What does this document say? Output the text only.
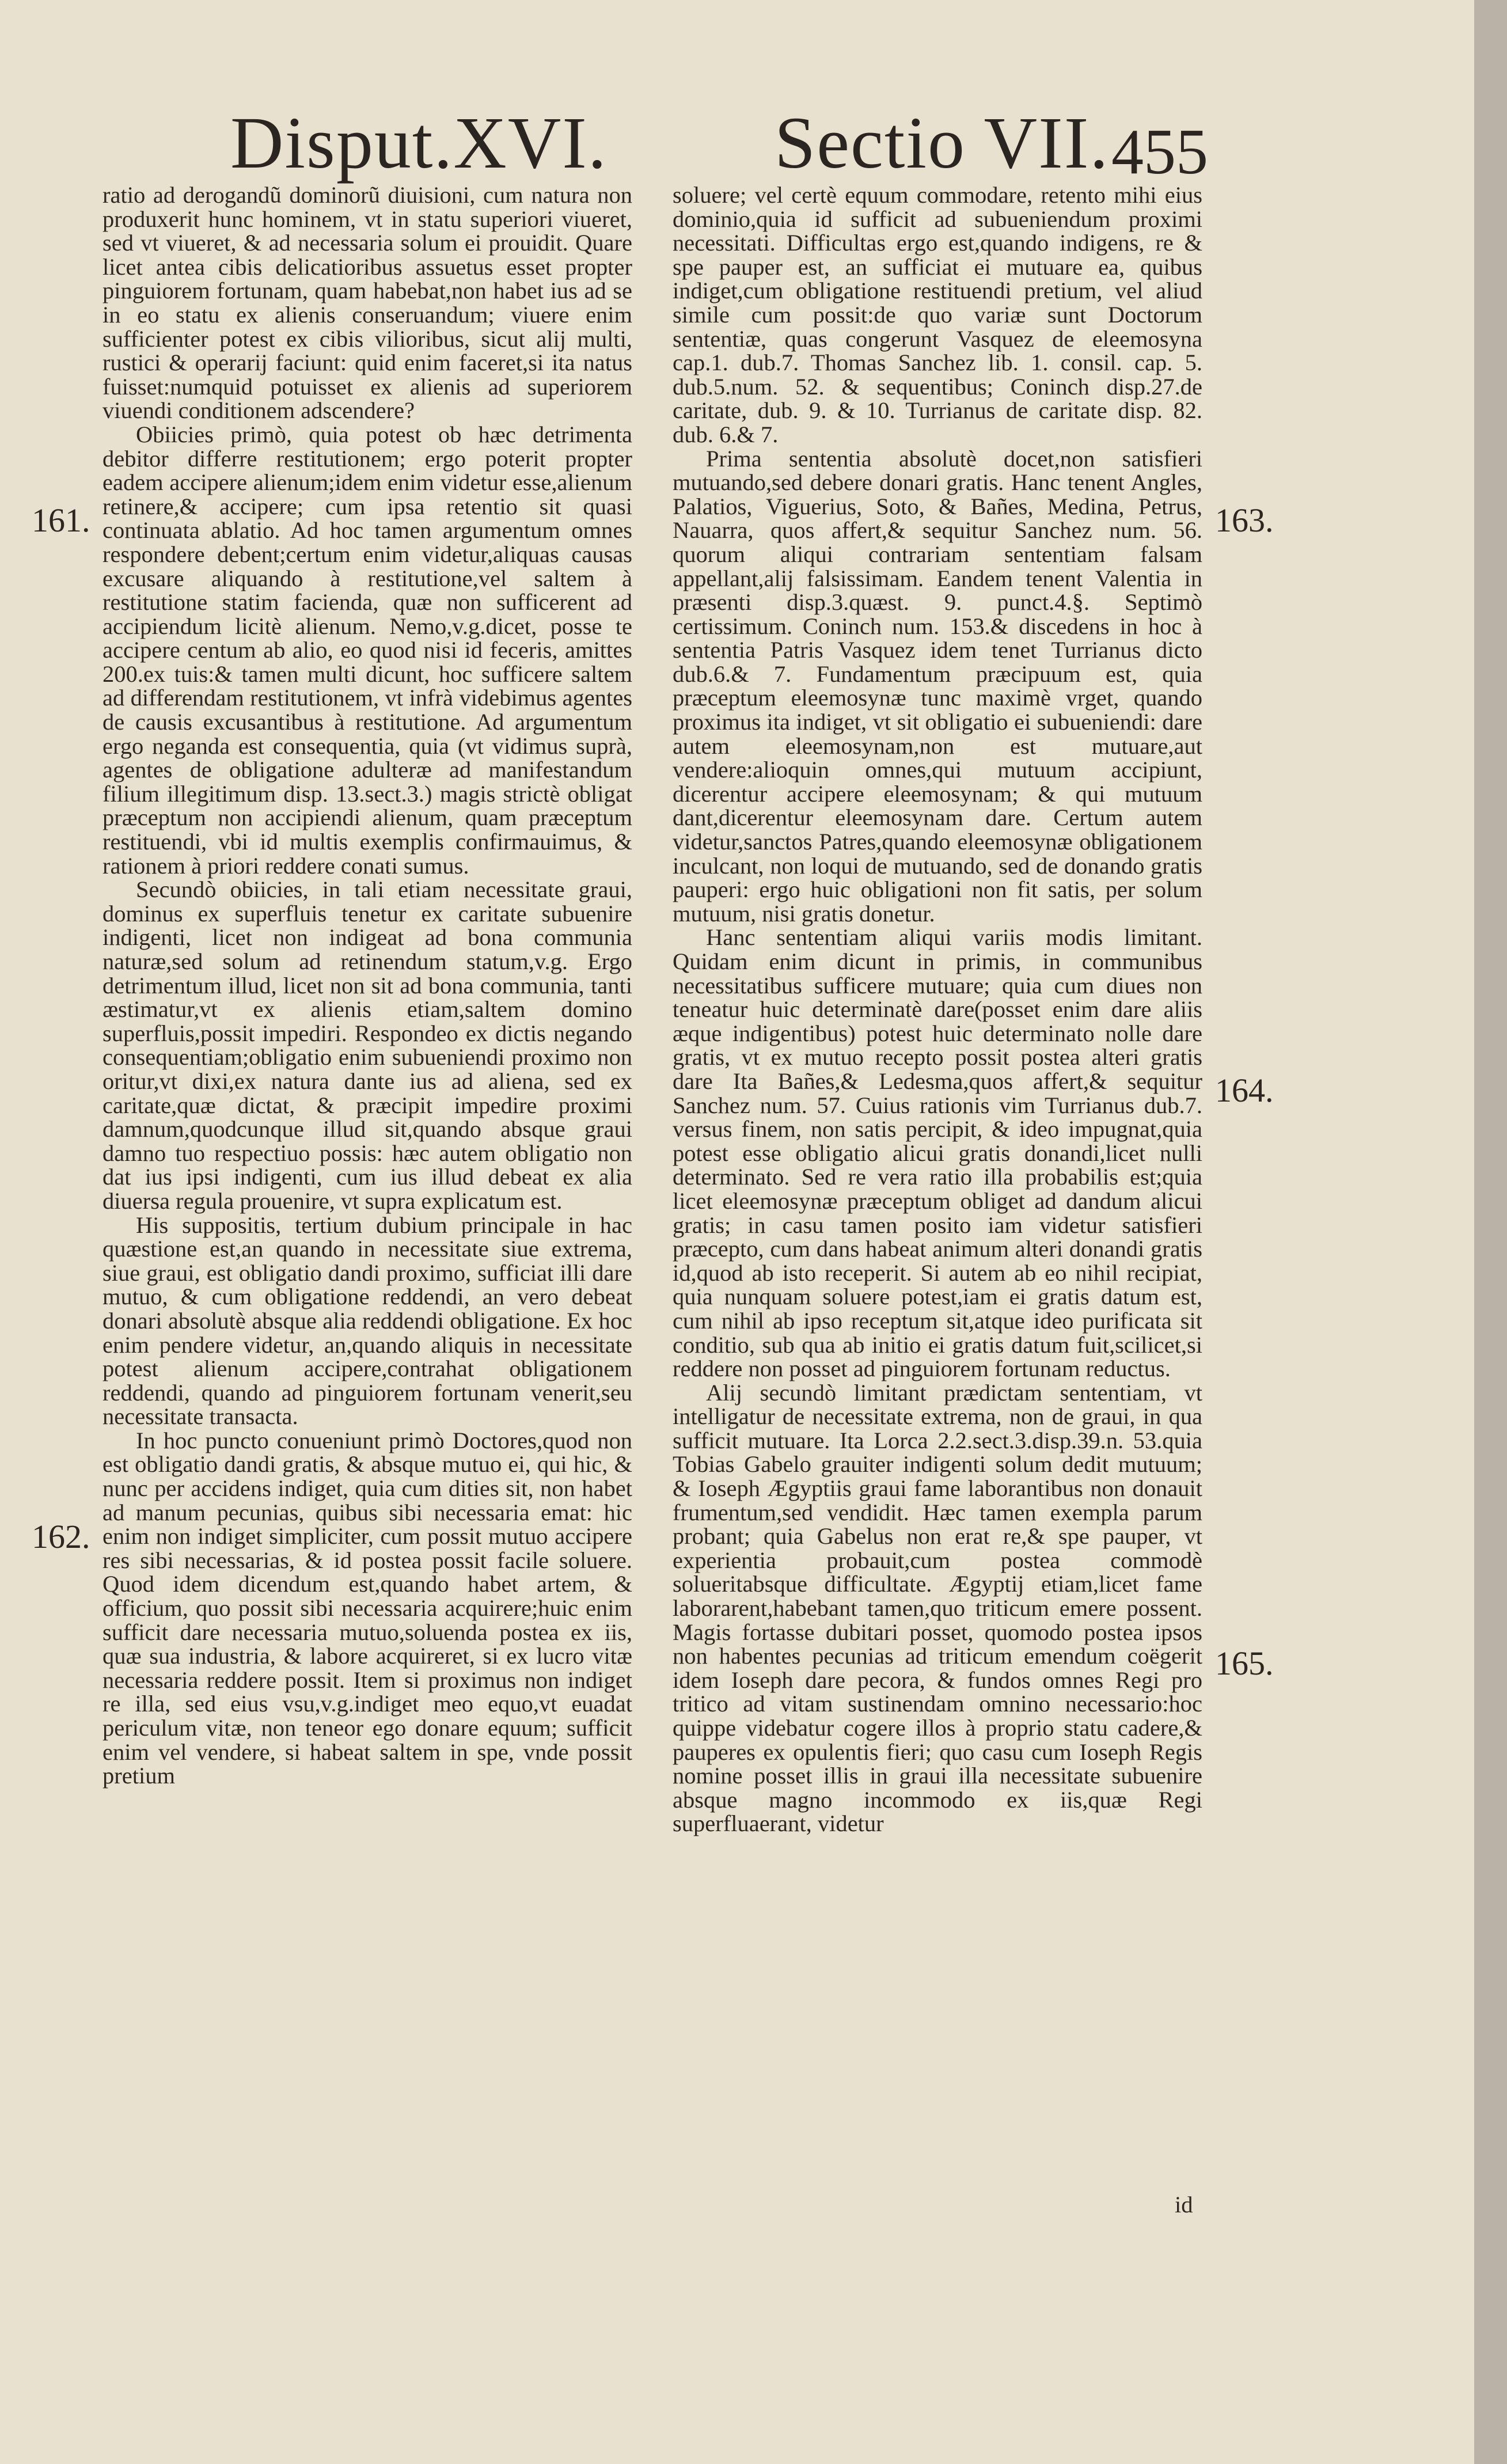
Disput.XVI. Sectio VII. 455
161.
162.
163.
164.
165.

ratio ad derogandũ dominorũ diuisioni, cum natura non produxerit hunc hominem, vt in statu superiori viueret, sed vt viueret, & ad necessaria solum ei prouidit. Quare licet antea cibis delicatioribus assuetus esset propter pinguiorem fortunam, quam habebat,non habet ius ad se in eo statu ex alienis conseruandum; viuere enim sufficienter potest ex cibis vilioribus, sicut alij multi, rustici & operarij faciunt: quid enim faceret,si ita natus fuisset:numquid potuisset ex alienis ad superiorem viuendi conditionem adscendere?

Obiicies primò, quia potest ob hæc detrimenta debitor differre restitutionem; ergo poterit propter eadem accipere alienum;idem enim videtur esse,alienum retinere,& accipere; cum ipsa retentio sit quasi continuata ablatio. Ad hoc tamen argumentum omnes respondere debent;certum enim videtur,aliquas causas excusare aliquando à restitutione,vel saltem à restitutione statim facienda, quæ non sufficerent ad accipiendum licitè alienum. Nemo,v.g.dicet, posse te accipere centum ab alio, eo quod nisi id feceris, amittes 200.ex tuis:& tamen multi dicunt, hoc sufficere saltem ad differendam restitutionem, vt infrà videbimus agentes de causis excusantibus à restitutione. Ad argumentum ergo neganda est consequentia, quia (vt vidimus suprà, agentes de obligatione adulteræ ad manifestandum filium illegitimum disp. 13.sect.3.) magis strictè obligat præceptum non accipiendi alienum, quam præceptum restituendi, vbi id multis exemplis confirmauimus, & rationem à priori reddere conati sumus.

Secundò obiicies, in tali etiam necessitate graui, dominus ex superfluis tenetur ex caritate subuenire indigenti, licet non indigeat ad bona communia naturæ,sed solum ad retinendum statum,v.g. Ergo detrimentum illud, licet non sit ad bona communia, tanti æstimatur,vt ex alienis etiam,saltem domino superfluis,possit impediri. Respondeo ex dictis negando consequentiam;obligatio enim subueniendi proximo non oritur,vt dixi,ex natura dante ius ad aliena, sed ex caritate,quæ dictat, & præcipit impedire proximi damnum,quodcunque illud sit,quando absque graui damno tuo respectiuo possis: hæc autem obligatio non dat ius ipsi indigenti, cum ius illud debeat ex alia diuersa regula prouenire, vt supra explicatum est.

His suppositis, tertium dubium principale in hac quæstione est,an quando in necessitate siue extrema, siue graui, est obligatio dandi proximo, sufficiat illi dare mutuo, & cum obligatione reddendi, an vero debeat donari absolutè absque alia reddendi obligatione. Ex hoc enim pendere videtur, an,quando aliquis in necessitate potest alienum accipere,contrahat obligationem reddendi, quando ad pinguiorem fortunam venerit,seu necessitate transacta.

In hoc puncto conueniunt primò Doctores,quod non est obligatio dandi gratis, & absque mutuo ei, qui hic, & nunc per accidens indiget, quia cum dities sit, non habet ad manum pecunias, quibus sibi necessaria emat: hic enim non indiget simpliciter, cum possit mutuo accipere res sibi necessarias, & id postea possit facile soluere. Quod idem dicendum est,quando habet artem, & officium, quo possit sibi necessaria acquirere;huic enim sufficit dare necessaria mutuo,soluenda postea ex iis, quæ sua industria, & labore acquireret, si ex lucro vitæ necessaria reddere possit. Item si proximus non indiget re illa, sed eius vsu,v.g.indiget meo equo,vt euadat periculum vitæ, non teneor ego donare equum; sufficit enim vel vendere, si habeat saltem in spe, vnde possit pretium

soluere; vel certè equum commodare, retento mihi eius dominio,quia id sufficit ad subueniendum proximi necessitati. Difficultas ergo est,quando indigens, re & spe pauper est, an sufficiat ei mutuare ea, quibus indiget,cum obligatione restituendi pretium, vel aliud simile cum possit:de quo variæ sunt Doctorum sententiæ, quas congerunt Vasquez de eleemosyna cap.1. dub.7. Thomas Sanchez lib. 1. consil. cap. 5. dub.5.num. 52. & sequentibus; Coninch disp.27.de caritate, dub. 9. & 10. Turrianus de caritate disp. 82. dub. 6.& 7.

Prima sententia absolutè docet,non satisfieri mutuando,sed debere donari gratis. Hanc tenent Angles, Palatios, Viguerius, Soto, & Bañes, Medina, Petrus, Nauarra, quos affert,& sequitur Sanchez num. 56. quorum aliqui contrariam sententiam falsam appellant,alij falsissimam. Eandem tenent Valentia in præsenti disp.3.quæst. 9. punct.4.§. Septimò certissimum. Coninch num. 153.& discedens in hoc à sententia Patris Vasquez idem tenet Turrianus dicto dub.6.& 7. Fundamentum præcipuum est, quia præceptum eleemosynæ tunc maximè vrget, quando proximus ita indiget, vt sit obligatio ei subueniendi: dare autem eleemosynam,non est mutuare,aut vendere:alioquin omnes,qui mutuum accipiunt, dicerentur accipere eleemosynam; & qui mutuum dant,dicerentur eleemosynam dare. Certum autem videtur,sanctos Patres,quando eleemosynæ obligationem inculcant, non loqui de mutuando, sed de donando gratis pauperi: ergo huic obligationi non fit satis, per solum mutuum, nisi gratis donetur.

Hanc sententiam aliqui variis modis limitant. Quidam enim dicunt in primis, in communibus necessitatibus sufficere mutuare; quia cum diues non teneatur huic determinatè dare(posset enim dare aliis æque indigentibus) potest huic determinato nolle dare gratis, vt ex mutuo recepto possit postea alteri gratis dare Ita Bañes,& Ledesma,quos affert,& sequitur Sanchez num. 57. Cuius rationis vim Turrianus dub.7. versus finem, non satis percipit, & ideo impugnat,quia potest esse obligatio alicui gratis donandi,licet nulli determinato. Sed re vera ratio illa probabilis est;quia licet eleemosynæ præceptum obliget ad dandum alicui gratis; in casu tamen posito iam videtur satisfieri præcepto, cum dans habeat animum alteri donandi gratis id,quod ab isto receperit. Si autem ab eo nihil recipiat, quia nunquam soluere potest,iam ei gratis datum est, cum nihil ab ipso receptum sit,atque ideo purificata sit conditio, sub qua ab initio ei gratis datum fuit,scilicet,si reddere non posset ad pinguiorem fortunam reductus.

Alij secundò limitant prædictam sententiam, vt intelligatur de necessitate extrema, non de graui, in qua sufficit mutuare. Ita Lorca 2.2.sect.3.disp.39.n. 53.quia Tobias Gabelo grauiter indigenti solum dedit mutuum; & Ioseph Ægyptiis graui fame laborantibus non donauit frumentum,sed vendidit. Hæc tamen exempla parum probant; quia Gabelus non erat re,& spe pauper, vt experientia probauit,cum postea commodè solueritabsque difficultate. Ægyptij etiam,licet fame laborarent,habebant tamen,quo triticum emere possent. Magis fortasse dubitari posset, quomodo postea ipsos non habentes pecunias ad triticum emendum coëgerit idem Ioseph dare pecora, & fundos omnes Regi pro tritico ad vitam sustinendam omnino necessario:hoc quippe videbatur cogere illos à proprio statu cadere,& pauperes ex opulentis fieri; quo casu cum Ioseph Regis nomine posset illis in graui illa necessitate subuenire absque magno incommodo ex iis,quæ Regi superfluaerant, videtur

id
